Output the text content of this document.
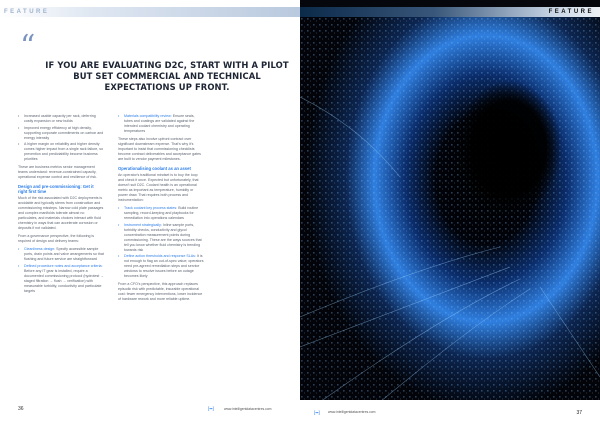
FEATURE
“
IF YOU ARE EVALUATING D2C, START WITH A PILOT BUT SET COMMERCIAL AND TECHNICAL EXPECTATIONS UP FRONT.
• Increased usable capacity per rack, deferring costly expansion or new builds
• Improved energy efficiency at high density, supporting corporate commitments on carbon and energy intensity
• A higher margin on reliability and higher density comes higher impact from a single rack failure, so prevention and predictability become business priorities

These are business metrics senior management teams understand: revenue-constrained capacity, operational expense control and resilience of risk.

Design and pre-commissioning: Get it right first time

Much of the risk associated with D2C deployments is avoidable and typically stems from construction and commissioning missteps. Narrow cold plate passages and complex manifolds tolerate almost no particulates, and materials choices interact with fluid chemistry in ways that can accelerate corrosion or deposits if not validated.

From a governance perspective, the following is required of design and delivery teams:

• Cleanliness design: Specify accessible sample ports, drain points and valve arrangements so that flushing and future service are straightforward
• Defined procedure notes and acceptance criteria: Before any IT gear is installed, require a documented commissioning protocol (hydrotest → staged filtration → flush → verification) with measurable turbidity, conductivity and particulate targets
• Materials compatibility review: Ensure seals, tubes and coatings are validated against the intended coolant chemistry and operating temperatures

These steps also involve upfront contract over significant downstream expense. That's why it's important to insist that commissioning checklists become contract deliverables and acceptance gates are built to vendor payment milestones.

Operationalising coolant as an asset

An operator's traditional mindset is to buy the loop and check it once. Expected but unfortunately, that doesn't suit D2C. Coolant health is an operational metric as important as temperature, humidity or power draw. That requires both process and instrumentation:

• Track coolant key process states: Build routine sampling, record-keeping and playbooks for remediation into operations calendars
• Instrument strategically: Inline sample ports, turbidity checks, conductivity and glycol concentration measurement points during commissioning. These are the ways sources that tell you know whether fluid chemistry is trending towards risk
• Define action thresholds and response SLAs: It is not enough to flag an out-of-spec value; operators need pre-agreed remediation steps and service windows to resolve issues before an outage becomes likely

From a CFO's perspective, this approach replaces episodic risk with predictable, insurable operational cost: fewer emergency interventions, lower incidence of hardware rework and more reliable uptime.

36	[▪▪]	www.intelligentdatacentres.com
FEATURE
[▪▪] www.intelligentdatacentres.com	37
